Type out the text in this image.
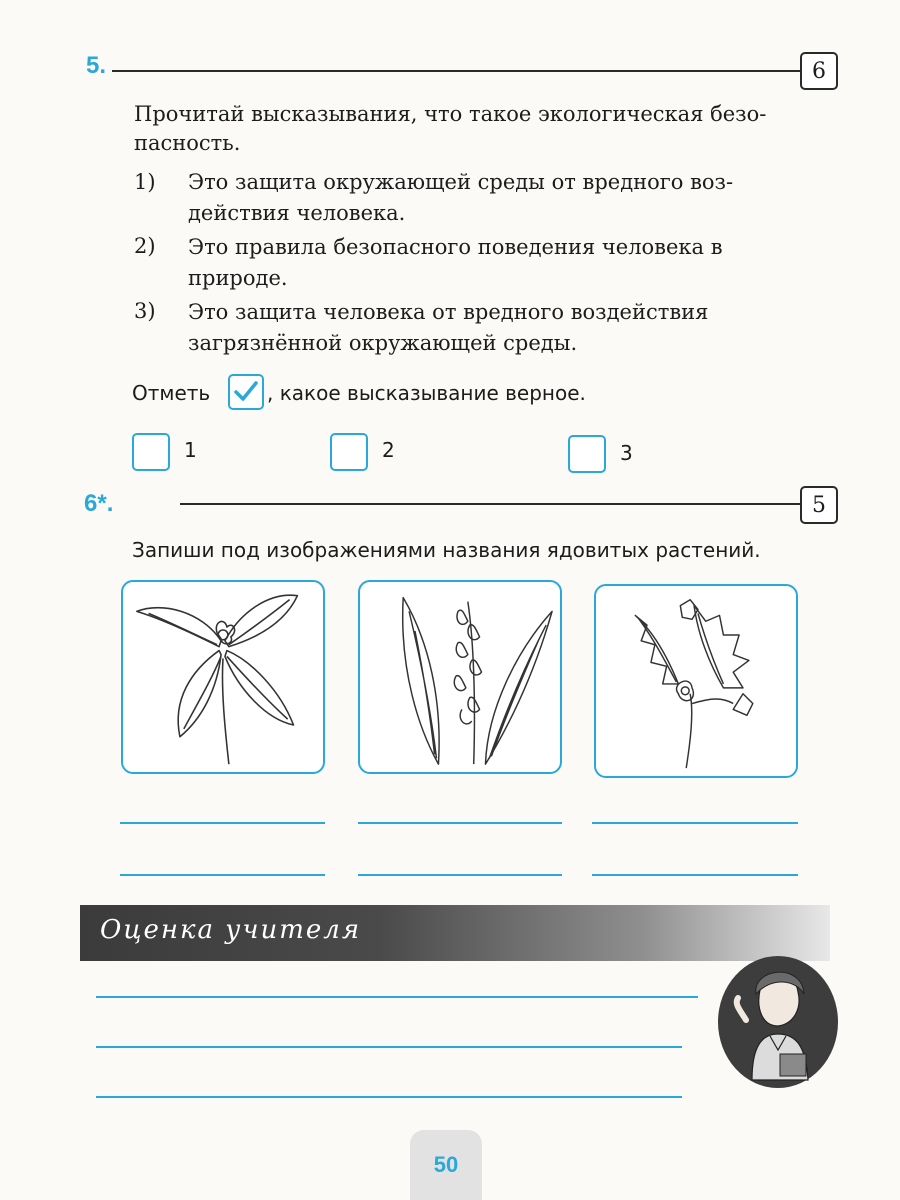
5.	6
Прочитай высказывания, что такое экологическая безо-
пасность.
1) Это защита окружающей среды от вредного воз-
действия человека.
2) Это правила безопасного поведения человека в
природе.
3) Это защита человека от вредного воздействия
загрязнённой окружающей среды.
Отметь	, какое высказывание верное.
1	2	3
6*.	5
Запиши под изображениями названия ядовитых растений.
Оценка учителя
50
